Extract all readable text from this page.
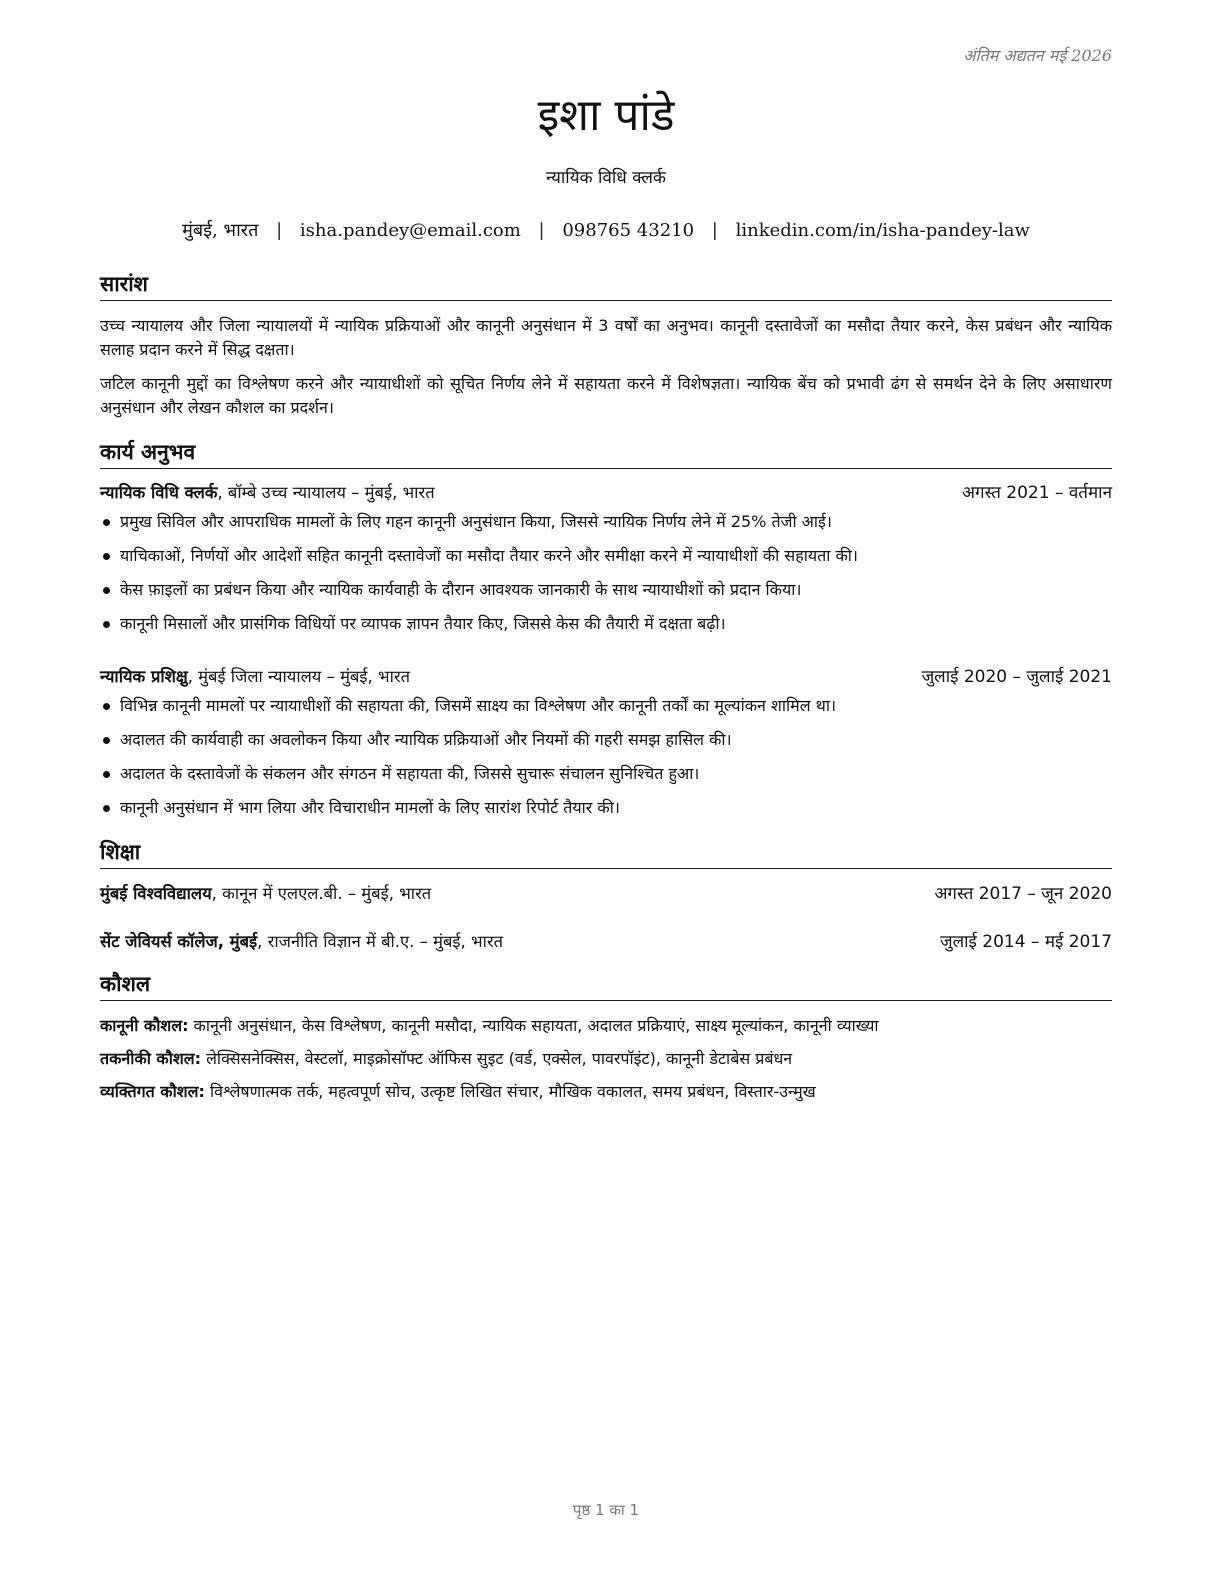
अंतिम अद्यतन मई 2026
इशा पांडे
न्यायिक विधि क्लर्क
मुंबई, भारत | isha.pandey@email.com | 098765 43210 | linkedin.com/in/isha-pandey-law
सारांश
उच्च न्यायालय और जिला न्यायालयों में न्यायिक प्रक्रियाओं और कानूनी अनुसंधान में 3 वर्षों का अनुभव। कानूनी दस्तावेजों का मसौदा तैयार करने, केस प्रबंधन और न्यायिक सलाह प्रदान करने में सिद्ध दक्षता।
जटिल कानूनी मुद्दों का विश्लेषण करने और न्यायाधीशों को सूचित निर्णय लेने में सहायता करने में विशेषज्ञता। न्यायिक बेंच को प्रभावी ढंग से समर्थन देने के लिए असाधारण अनुसंधान और लेखन कौशल का प्रदर्शन।
कार्य अनुभव
न्यायिक विधि क्लर्क, बॉम्बे उच्च न्यायालय – मुंबई, भारत	अगस्त 2021 – वर्तमान
प्रमुख सिविल और आपराधिक मामलों के लिए गहन कानूनी अनुसंधान किया, जिससे न्यायिक निर्णय लेने में 25% तेजी आई।
याचिकाओं, निर्णयों और आदेशों सहित कानूनी दस्तावेजों का मसौदा तैयार करने और समीक्षा करने में न्यायाधीशों की सहायता की।
केस फ़ाइलों का प्रबंधन किया और न्यायिक कार्यवाही के दौरान आवश्यक जानकारी के साथ न्यायाधीशों को प्रदान किया।
कानूनी मिसालों और प्रासंगिक विधियों पर व्यापक ज्ञापन तैयार किए, जिससे केस की तैयारी में दक्षता बढ़ी।
न्यायिक प्रशिक्षु, मुंबई जिला न्यायालय – मुंबई, भारत	जुलाई 2020 – जुलाई 2021
विभिन्न कानूनी मामलों पर न्यायाधीशों की सहायता की, जिसमें साक्ष्य का विश्लेषण और कानूनी तर्कों का मूल्यांकन शामिल था।
अदालत की कार्यवाही का अवलोकन किया और न्यायिक प्रक्रियाओं और नियमों की गहरी समझ हासिल की।
अदालत के दस्तावेजों के संकलन और संगठन में सहायता की, जिससे सुचारू संचालन सुनिश्चित हुआ।
कानूनी अनुसंधान में भाग लिया और विचाराधीन मामलों के लिए सारांश रिपोर्ट तैयार की।
शिक्षा
मुंबई विश्वविद्यालय, कानून में एलएल.बी. – मुंबई, भारत	अगस्त 2017 – जून 2020
सेंट जेवियर्स कॉलेज, मुंबई, राजनीति विज्ञान में बी.ए. – मुंबई, भारत	जुलाई 2014 – मई 2017
कौशल
कानूनी कौशल: कानूनी अनुसंधान, केस विश्लेषण, कानूनी मसौदा, न्यायिक सहायता, अदालत प्रक्रियाएं, साक्ष्य मूल्यांकन, कानूनी व्याख्या
तकनीकी कौशल: लेक्सिसनेक्सिस, वेस्टलॉ, माइक्रोसॉफ्ट ऑफिस सुइट (वर्ड, एक्सेल, पावरपॉइंट), कानूनी डेटाबेस प्रबंधन
व्यक्तिगत कौशल: विश्लेषणात्मक तर्क, महत्वपूर्ण सोच, उत्कृष्ट लिखित संचार, मौखिक वकालत, समय प्रबंधन, विस्तार-उन्मुख
पृष्ठ 1 का 1
